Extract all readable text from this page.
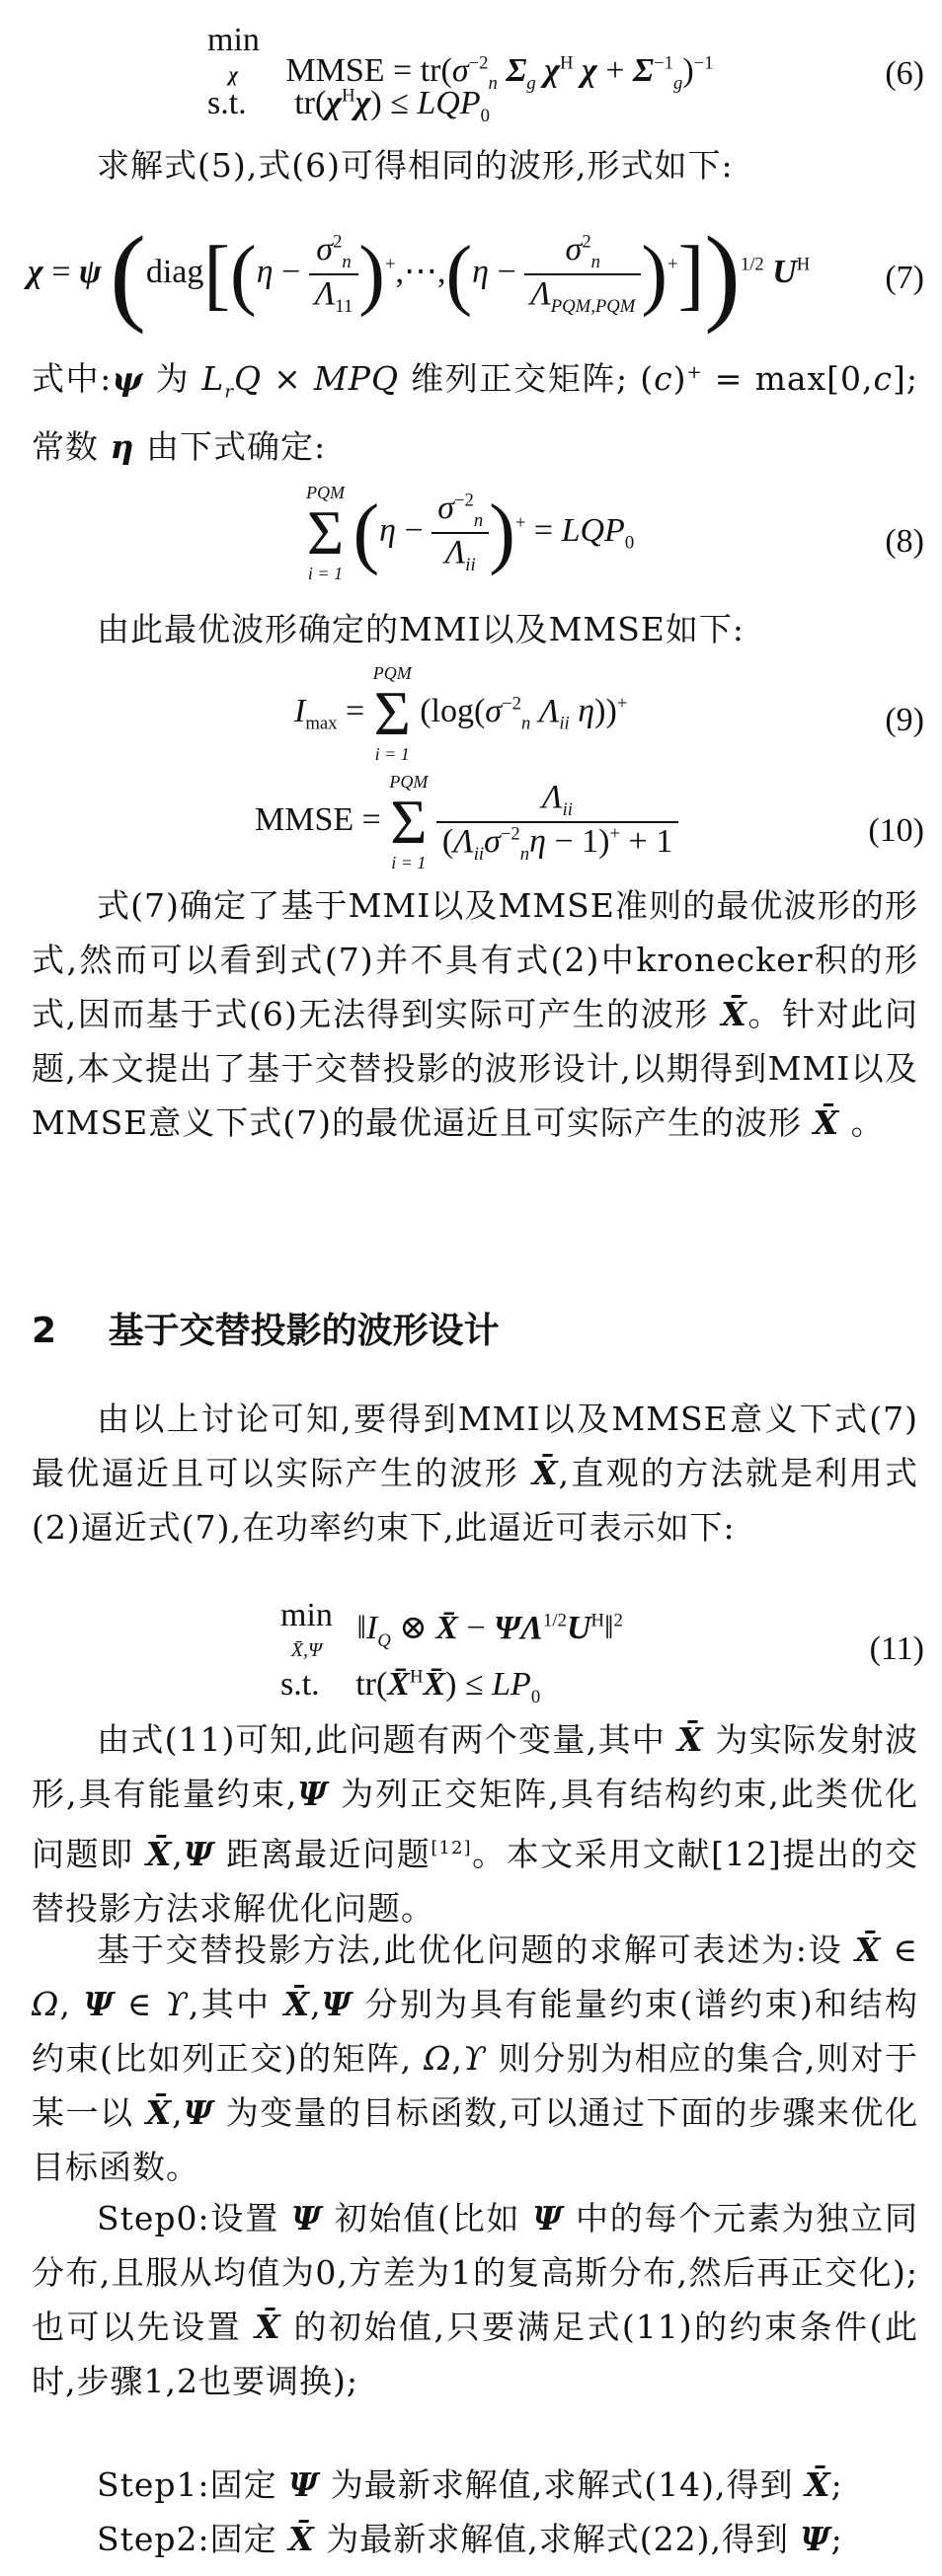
min
χ MMSE = $tr(\sigma^{-2}_n$ $\Sigma_g$ $\chi^H$ $\chi + \Sigma^{-1}_g)^{-1}$
s.t. $tr(\chi^H\chi) \le LQP_0$
(6)
求解式(5),式(6)可得相同的波形,形式如下:
χ = ψ (diag[(η − $\frac{\sigma^2_n}{\Lambda_{11}}$ )+,⋯,(η − $\frac{\sigma^2_n}{\Lambda_{PQM,PQM}} )^+])^{1/2}$ $U^H$ (7)
式中:ψ 为 $L_rQ$ × MPQ 维列正交矩阵; (c)+ = max[0,c];常数 η 由下式确定:
PQM
Σ
i = 1 $(\eta - \frac{\sigma^{-2}_n}{\Lambda_{ii}} )^+ = LQP_0$	(8)
由此最优波形确定的MMI以及MMSE如下:
$I_{max}$ =
PQM
Σ
i = 1
($\log(\sigma^{-2}_n$ $\Lambda_{ii}$ η))+	(9)
MMSE =
PQM
Σ
i = 1
$\frac{\Lambda_{ii}}{(\Lambda_{ii}\sigma^{-2}_n\eta - 1)^+ + 1}$	(10)
式(7)确定了基于MMI以及MMSE准则的最优波形的形式,然而可以看到式(7)并不具有式(2)中kronecker积的形式,因而基于式(6)无法得到实际可产生的波形 X̄。针对此问题,本文提出了基于交替投影的波形设计,以期得到MMI以及MMSE意义下式(7)的最优逼近且可实际产生的波形 X̄ 。
2 基于交替投影的波形设计
由以上讨论可知,要得到MMI以及MMSE意义下式(7)最优逼近且可以实际产生的波形 X̄,直观的方法就是利用式(2)逼近式(7),在功率约束下,此逼近可表示如下:
min
X̄,Ψ $‖I_Q$ ⊗ X̄ − $\Psi\Lambda^{1/2}U^H‖^2$
s.t. tr(X̄$^H$X̄) ≤ $LP_0$
(11)
由式(11)可知,此问题有两个变量,其中 X̄ 为实际发射波形,具有能量约束,Ψ 为列正交矩阵,具有结构约束,此类优化问题即 X̄,Ψ 距离最近问题[12]。本文采用文献[12]提出的交替投影方法求解优化问题。
基于交替投影方法,此优化问题的求解可表述为:设 X̄ ∈ Ω, Ψ ∈ ϒ,其中 X̄,Ψ 分别为具有能量约束(谱约束)和结构约束(比如列正交)的矩阵, Ω,ϒ 则分别为相应的集合,则对于某一以 X̄,Ψ 为变量的目标函数,可以通过下面的步骤来优化目标函数。
Step0:设置 Ψ 初始值(比如 Ψ 中的每个元素为独立同分布,且服从均值为0,方差为1的复高斯分布,然后再正交化);也可以先设置 X̄ 的初始值,只要满足式(11)的约束条件(此时,步骤1,2也要调换);
Step1:固定 Ψ 为最新求解值,求解式(14),得到 X̄;
Step2:固定 X̄ 为最新求解值,求解式(22),得到 Ψ;
